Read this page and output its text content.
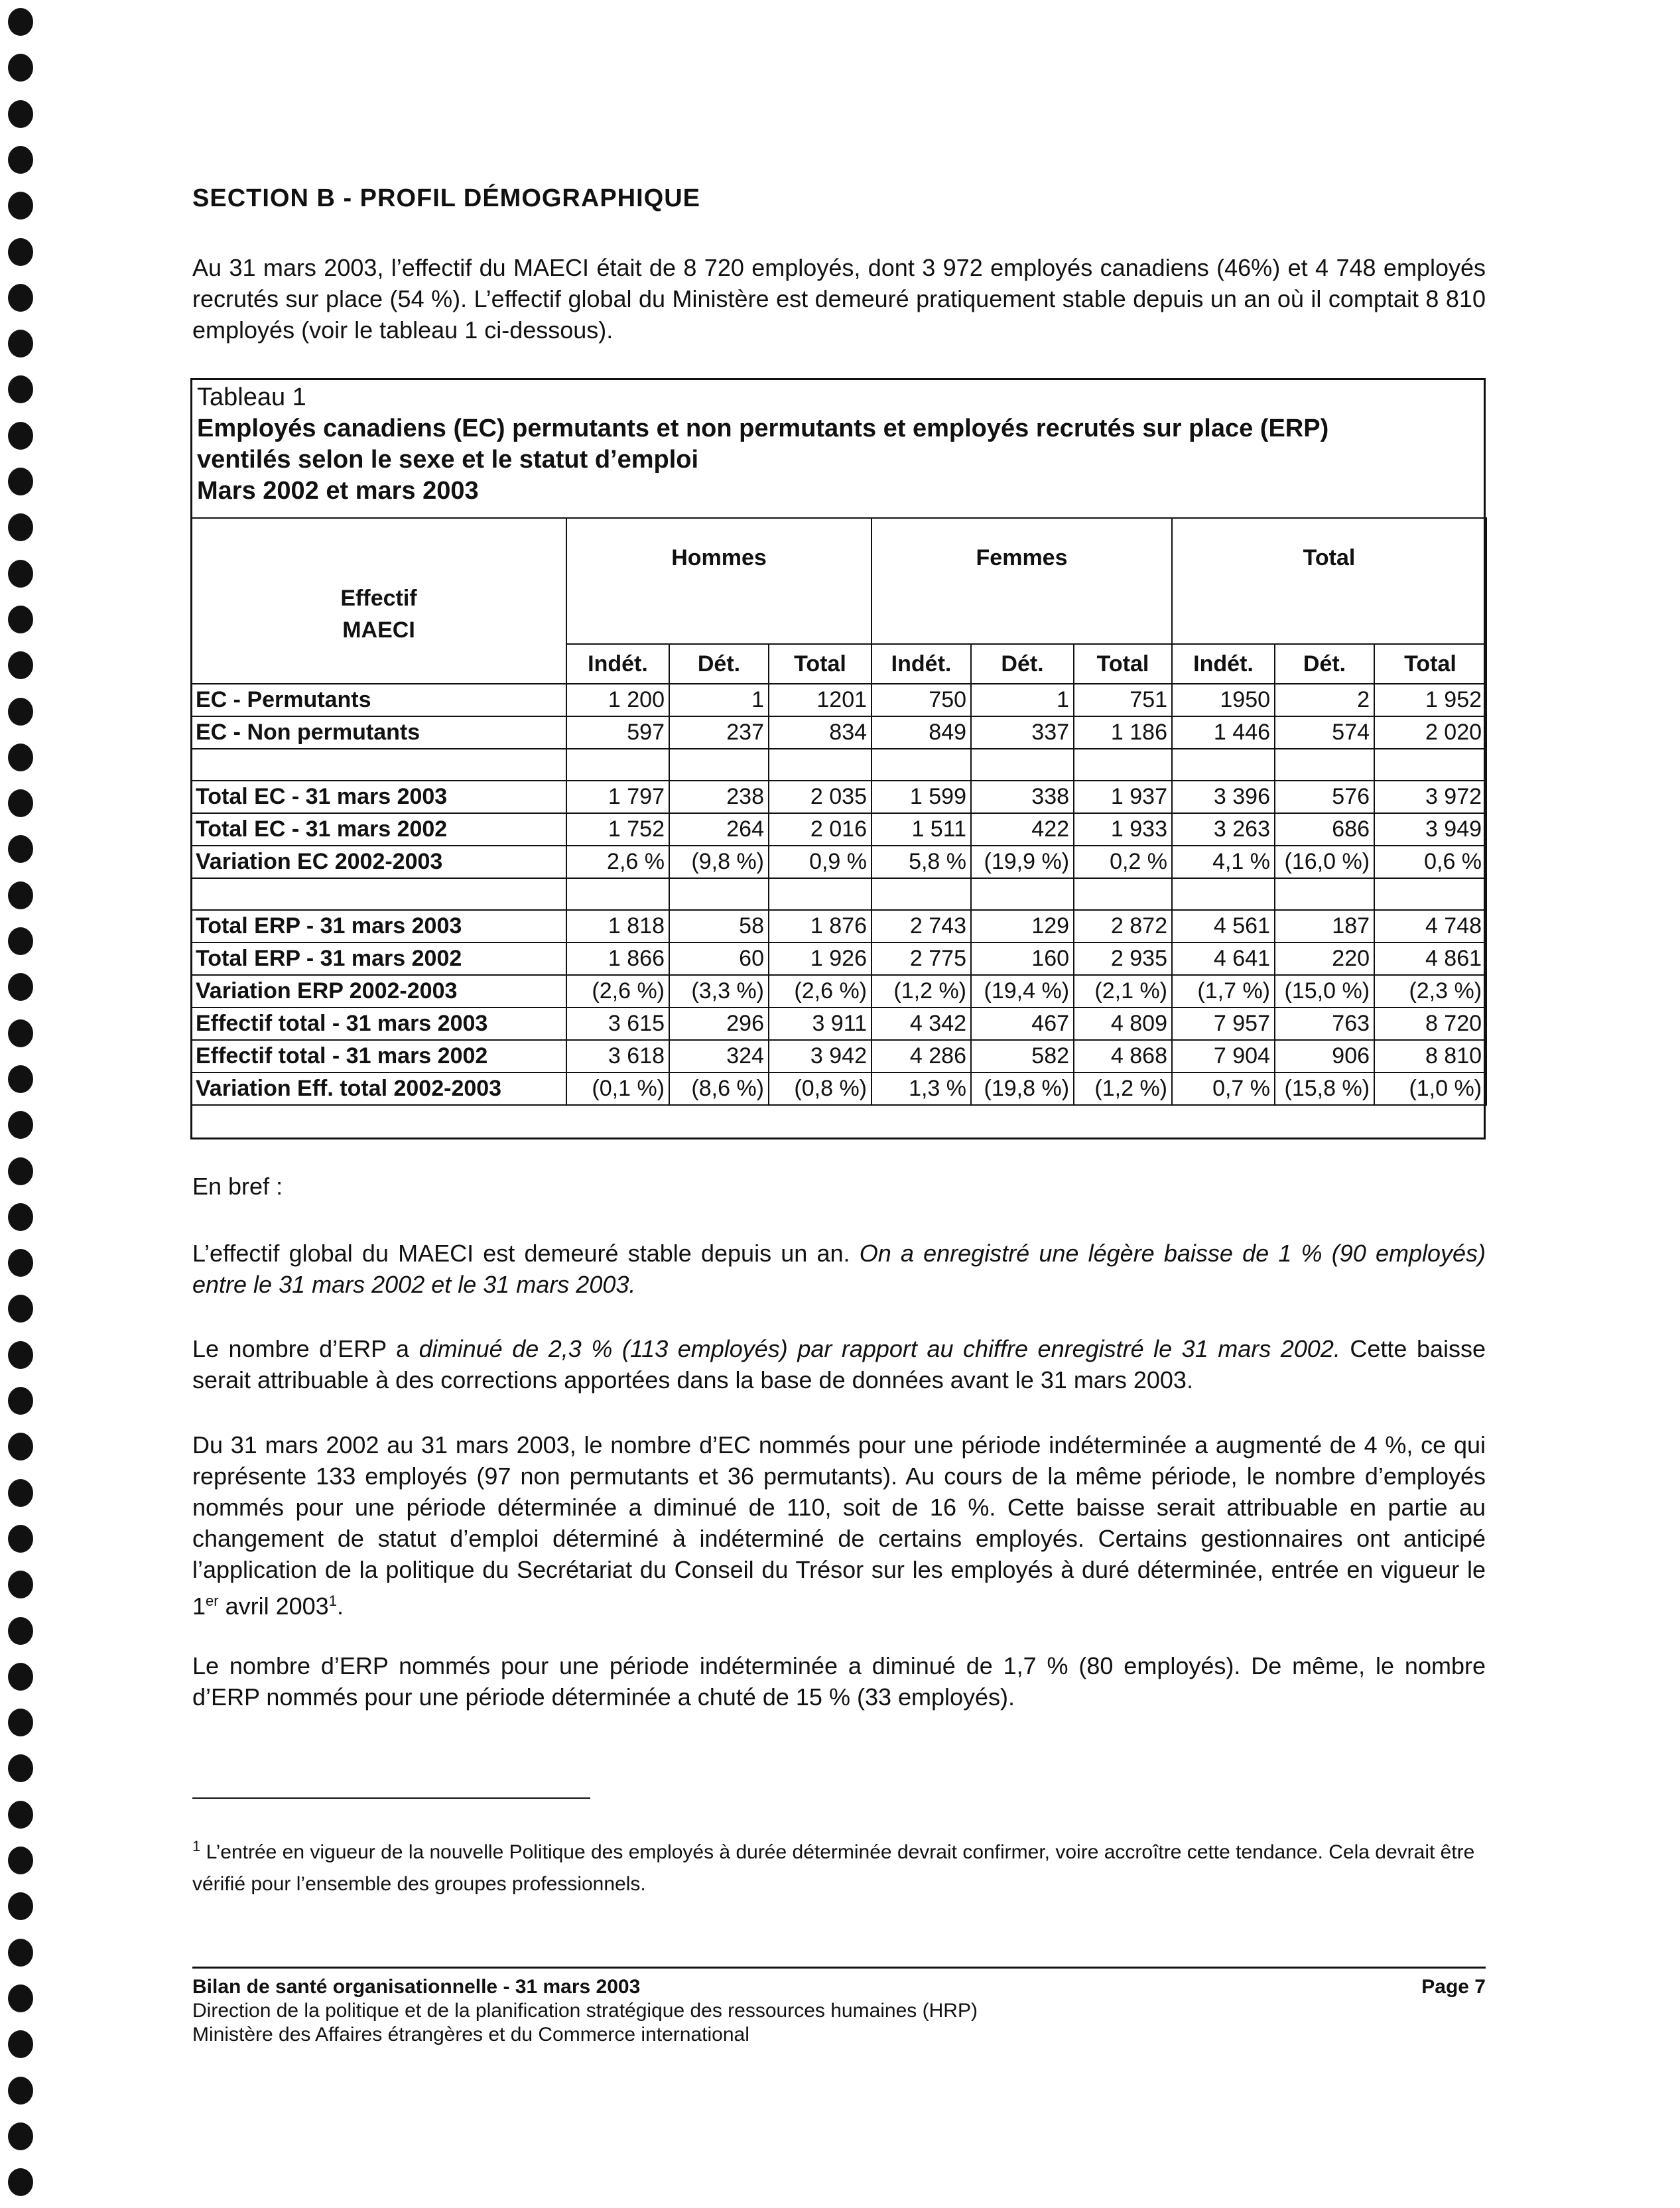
SECTION B - PROFIL DÉMOGRAPHIQUE

Au 31 mars 2003, l’effectif du MAECI était de 8 720 employés, dont 3 972 employés canadiens (46%) et 4 748 employés recrutés sur place (54 %). L’effectif global du Ministère est demeuré pratiquement stable depuis un an où il comptait 8 810 employés (voir le tableau 1 ci-dessous).

Tableau 1
Employés canadiens (EC) permutants et non permutants et employés recrutés sur place (ERP)
ventilés selon le sexe et le statut d’emploi
Mars 2002 et mars 2003
Effectif MAECI	Hommes			Femmes			Total		
	Indét.	Dét.	Total	Indét.	Dét.	Total	Indét.	Dét.	Total
EC - Permutants	1 200	1	1201	750	1	751	1950	2	1 952
EC - Non permutants	597	237	834	849	337	1 186	1 446	574	2 020

Total EC - 31 mars 2003	1 797	238	2 035	1 599	338	1 937	3 396	576	3 972
Total EC - 31 mars 2002	1 752	264	2 016	1 511	422	1 933	3 263	686	3 949
Variation EC 2002-2003	2,6 %	(9,8 %)	0,9 %	5,8 %	(19,9 %)	0,2 %	4,1 %	(16,0 %)	0,6 %

Total ERP - 31 mars 2003	1 818	58	1 876	2 743	129	2 872	4 561	187	4 748
Total ERP - 31 mars 2002	1 866	60	1 926	2 775	160	2 935	4 641	220	4 861
Variation ERP 2002-2003	(2,6 %)	(3,3 %)	(2,6 %)	(1,2 %)	(19,4 %)	(2,1 %)	(1,7 %)	(15,0 %)	(2,3 %)
Effectif total - 31 mars 2003	3 615	296	3 911	4 342	467	4 809	7 957	763	8 720
Effectif total - 31 mars 2002	3 618	324	3 942	4 286	582	4 868	7 904	906	8 810
Variation Eff. total 2002-2003	(0,1 %)	(8,6 %)	(0,8 %)	1,3 %	(19,8 %)	(1,2 %)	0,7 %	(15,8 %)	(1,0 %)

En bref :

L’effectif global du MAECI est demeuré stable depuis un an. On a enregistré une légère baisse de 1 % (90 employés) entre le 31 mars 2002 et le 31 mars 2003.

Le nombre d’ERP a diminué de 2,3 % (113 employés) par rapport au chiffre enregistré le 31 mars 2002. Cette baisse serait attribuable à des corrections apportées dans la base de données avant le 31 mars 2003.

Du 31 mars 2002 au 31 mars 2003, le nombre d’EC nommés pour une période indéterminée a augmenté de 4 %, ce qui représente 133 employés (97 non permutants et 36 permutants). Au cours de la même période, le nombre d’employés nommés pour une période déterminée a diminué de 110, soit de 16 %. Cette baisse serait attribuable en partie au changement de statut d’emploi déterminé à indéterminé de certains employés. Certains gestionnaires ont anticipé l’application de la politique du Secrétariat du Conseil du Trésor sur les employés à duré déterminée, entrée en vigueur le 1er avril 2003$^1$.

Le nombre d’ERP nommés pour une période indéterminée a diminué de 1,7 % (80 employés). De même, le nombre d’ERP nommés pour une période déterminée a chuté de 15 % (33 employés).

$^1$ L’entrée en vigueur de la nouvelle Politique des employés à durée déterminée devrait confirmer, voire accroître cette tendance. Cela devrait être vérifié pour l’ensemble des groupes professionnels.
Bilan de santé organisationnelle - 31 mars 2003	Page 7
Direction de la politique et de la planification stratégique des ressources humaines (HRP)
Ministère des Affaires étrangères et du Commerce international
